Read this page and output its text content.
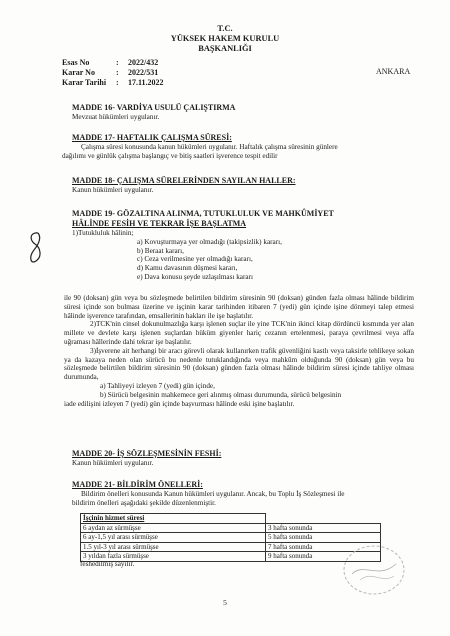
T.C.
YÜKSEK HAKEM KURULU
BAŞKANLIĞI
Esas No	:	2022/432
Karar No	:	2022/531
Karar Tarihi	:	17.11.2022
ANKARA
MADDE 16- VARDİYA USULÜ ÇALIŞTIRMA

Mevzuat hükümleri uygulanır.

MADDE 17- HAFTALIK ÇALIŞMA SÜRESİ:

Çalışma süresi konusunda kanun hükümleri uygulanır. Haftalık çalışma süresinin günlere

dağılımı ve günlük çalışma başlangıç ve bitiş saatleri işverence tespit edilir

MADDE 18- ÇALIŞMA SÜRELERİNDEN SAYILAN HALLER:

Kanun hükümleri uygulanır.

MADDE 19- GÖZALTINA ALINMA, TUTUKLULUK VE MAHKÛMİYET
HÂLİNDE FESİH VE TEKRAR İŞE BAŞLATMA

1)Tutukluluk hâlinin;

a) Kovuşturmaya yer olmadığı (takipsizlik) kararı,

b) Beraat kararı,

c) Ceza verilmesine yer olmadığı kararı,

d) Kamu davasının düşmesi kararı,

e) Dava konusu şeyde uzlaşılması kararı

ile 90 (doksan) gün veya bu sözleşmede belirtilen bildirim süresinin 90 (doksan) günden fazla olması hâlinde bildirim süresi içinde son bulması üzerine ve işçinin karar tarihinden itibaren 7 (yedi) gün içinde işine dönmeyi talep etmesi hâlinde işverence tarafından, emsallerinin hakları ile işe başlatılır.

2)TCK'nin cinsel dokunulmazlığa karşı işlenen suçlar ile yine TCK'nin ikinci kitap dördüncü kısmında yer alan millete ve devlete karşı işlenen suçlardan hüküm giyenler hariç cezanın ertelenmesi, paraya çevrilmesi veya affa uğraması hâllerinde dahi tekrar işe başlatılır.

3)İşverene ait herhangi bir aracı görevli olarak kullanırken trafik güvenliğini kastlı veya taksirle tehlikeye sokan ya da kazaya neden olan sürücü bu nedenle tutuklandığında veya mahkûm olduğunda 90 (doksan) gün veya bu sözleşmede belirtilen bildirim süresinin 90 (doksan) günden fazla olması hâlinde bildirim süresi içinde tahliye olması durumunda,

a) Tahliyeyi izleyen 7 (yedi) gün içinde,

b) Sürücü belgesinin mahkemece geri alınmış olması durumunda, sürücü belgesinin

iade edilişini izleyen 7 (yedi) gün içinde başvurması hâlinde eski işine başlatılır.

MADDE 20- İŞ SÖZLEŞMESİNİN FESHİ:

Kanun hükümleri uygulanır.

MADDE 21- BİLDİRİM ÖNELLERİ:

Bildirim önelleri konusunda Kanun hükümleri uygulanır. Ancak, bu Toplu İş Sözleşmesi ile

bildirim önelleri aşağıdaki şekilde düzenlenmiştir.

İşçinin hizmet süresi	
6 aydan az sürmüşse	3 hafta sonunda
6 ay-1,5 yıl arası sürmüşse	5 hafta sonunda
1.5 yıl-3 yıl arası sürmüşse	7 hafta sonunda
3 yıldan fazla sürmüşse	9 hafta sonunda
feshedilmiş sayılır.
5
